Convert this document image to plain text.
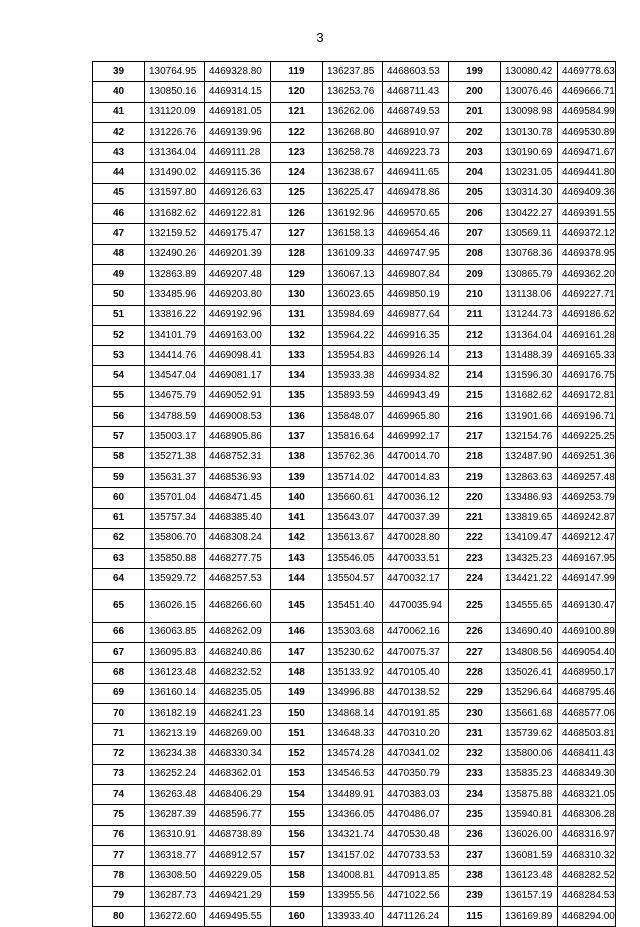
3
39	130764.95	4469328.80	119	136237.85	4468603.53	199	130080.42	4469778.63
40	130850.16	4469314.15	120	136253.76	4468711.43	200	130076.46	4469666.71
41	131120.09	4469181.05	121	136262.06	4468749.53	201	130098.98	4469584.99
42	131226.76	4469139.96	122	136268.80	4468910.97	202	130130.78	4469530.89
43	131364.04	4469111.28	123	136258.78	4469223.73	203	130190.69	4469471.67
44	131490.02	4469115.36	124	136238.67	4469411.65	204	130231.05	4469441.80
45	131597.80	4469126.63	125	136225.47	4469478.86	205	130314.30	4469409.36
46	131682.62	4469122.81	126	136192.96	4469570.65	206	130422.27	4469391.55
47	132159.52	4469175.47	127	136158.13	4469654.46	207	130569.11	4469372.12
48	132490.26	4469201.39	128	136109.33	4469747.95	208	130768.36	4469378.95
49	132863.89	4469207.48	129	136067.13	4469807.84	209	130865.79	4469362.20
50	133485.96	4469203.80	130	136023.65	4469850.19	210	131138.06	4469227.71
51	133816.22	4469192.96	131	135984.69	4469877.64	211	131244.73	4469186.62
52	134101.79	4469163.00	132	135964.22	4469916.35	212	131364.04	4469161.28
53	134414.76	4469098.41	133	135954.83	4469926.14	213	131488.39	4469165.33
54	134547.04	4469081.17	134	135933.38	4469934.82	214	131596.30	4469176.75
55	134675.79	4469052.91	135	135893.59	4469943.49	215	131682.62	4469172.81
56	134788.59	4469008.53	136	135848.07	4469965.80	216	131901.66	4469196.71
57	135003.17	4468905.86	137	135816.64	4469992.17	217	132154.76	4469225.25
58	135271.38	4468752.31	138	135762.36	4470014.70	218	132487.90	4469251.36
59	135631.37	4468536.93	139	135714.02	4470014.83	219	132863.63	4469257.48
60	135701.04	4468471.45	140	135660.61	4470036.12	220	133486.93	4469253.79
61	135757.34	4468385.40	141	135643.07	4470037.39	221	133819.65	4469242.87
62	135806.70	4468308.24	142	135613.67	4470028.80	222	134109.47	4469212.47
63	135850.88	4468277.75	143	135546.05	4470033.51	223	134325.23	4469167.95
64	135929.72	4468257.53	144	135504.57	4470032.17	224	134421.22	4469147.99
65	136026.15	4468266.60	145	135451.40	4470035.94	225	134555.65	4469130.47
66	136063.85	4468262.09	146	135303.68	4470062.16	226	134690.40	4469100.89
67	136095.83	4468240.86	147	135230.62	4470075.37	227	134808.56	4469054.40
68	136123.48	4468232.52	148	135133.92	4470105.40	228	135026.41	4468950.17
69	136160.14	4468235.05	149	134996.88	4470138.52	229	135296.64	4468795.46
70	136182.19	4468241.23	150	134868.14	4470191.85	230	135661.68	4468577.06
71	136213.19	4468269.00	151	134648.33	4470310.20	231	135739.62	4468503.81
72	136234.38	4468330.34	152	134574.28	4470341.02	232	135800.06	4468411.43
73	136252.24	4468362.01	153	134546.53	4470350.79	233	135835.23	4468349.30
74	136263.48	4468406.29	154	134489.91	4470383.03	234	135875.88	4468321.05
75	136287.39	4468596.77	155	134366.05	4470486.07	235	135940.81	4468306.28
76	136310.91	4468738.89	156	134321.74	4470530.48	236	136026.00	4468316.97
77	136318.77	4468912.57	157	134157.02	4470733.53	237	136081.59	4468310.32
78	136308.50	4469229.05	158	134008.81	4470913.85	238	136123.48	4468282.52
79	136287.73	4469421.29	159	133955.56	4471022.56	239	136157.19	4468284.53
80	136272.60	4469495.55	160	133933.40	4471126.24	115	136169.89	4468294.00
